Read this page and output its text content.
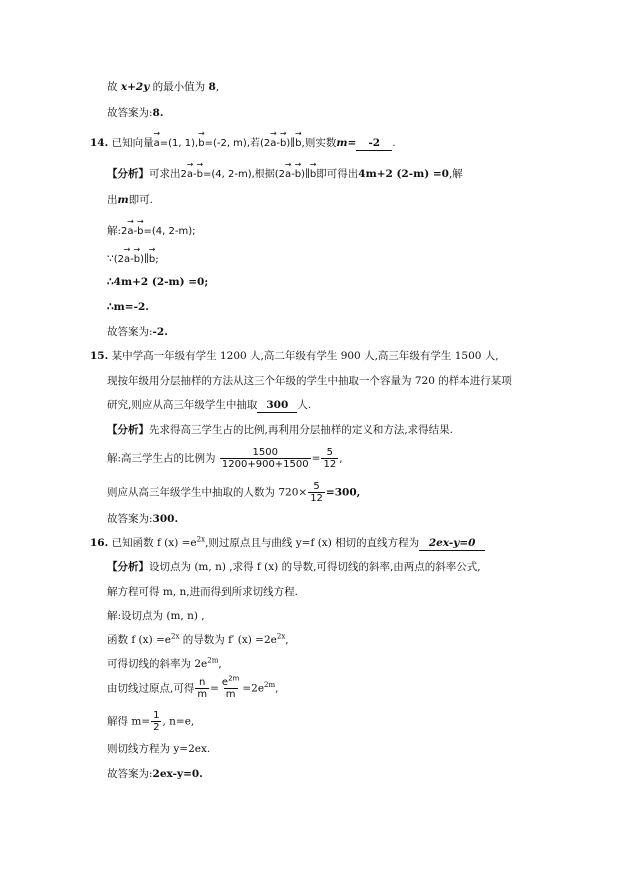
故 x+2y 的最小值为 8,
故答案为:8.
14. 已知向量→ a=(1, 1),→ b=(-2, m),若(2→ a-→ b)∥→ b,则实数m= -2 .
【分析】可求出2→ a-→ b=(4, 2-m),根据(2→ a-→ b)∥→ b即可得出4m+2 (2-m) =0,解
出m即可.
解:2→ a-→ b=(4, 2-m);
∵(2→ a-→ b)∥→ b;
∴4m+2 (2-m) =0;
∴m=-2.
故答案为:-2.
15. 某中学高一年级有学生 1200 人,高二年级有学生 900 人,高三年级有学生 1500 人,
现按年级用分层抽样的方法从这三个年级的学生中抽取一个容量为 720 的样本进行某项
研究,则应从高三年级学生中抽取 300 人.
【分析】先求得高三学生占的比例,再利用分层抽样的定义和方法,求得结果.
解:高三学生占的比例为 $\frac{1500}{1200+900+1500} = \frac{5}{12}$ ,
则应从高三年级学生中抽取的人数为 $720\times \frac{5}{12} =300$,
故答案为:300.
16. 已知函数 f $(x) =e^{2x}$,则过原点且与曲线 y=f (x) 相切的直线方程为 2ex-y=0
【分析】设切点为 (m, n) ,求得 f (x) 的导数,可得切线的斜率,由两点的斜率公式,
解方程可得 m, n,进而得到所求切线方程.
解:设切点为 (m, n) ,
函数 f $(x) =e^{2x}$ 的导数为 f′ $(x) =2e^{2x}$,
可得切线的斜率为 $2e^{2m}$,
由切线过原点,可得 $\frac{n}{m} = \frac{e^{2m}}{m} =2e^{2m}$,
解得 $m= \frac{1}{2}$ , n=e,
则切线方程为 y=2ex.
故答案为:2ex-y=0.
